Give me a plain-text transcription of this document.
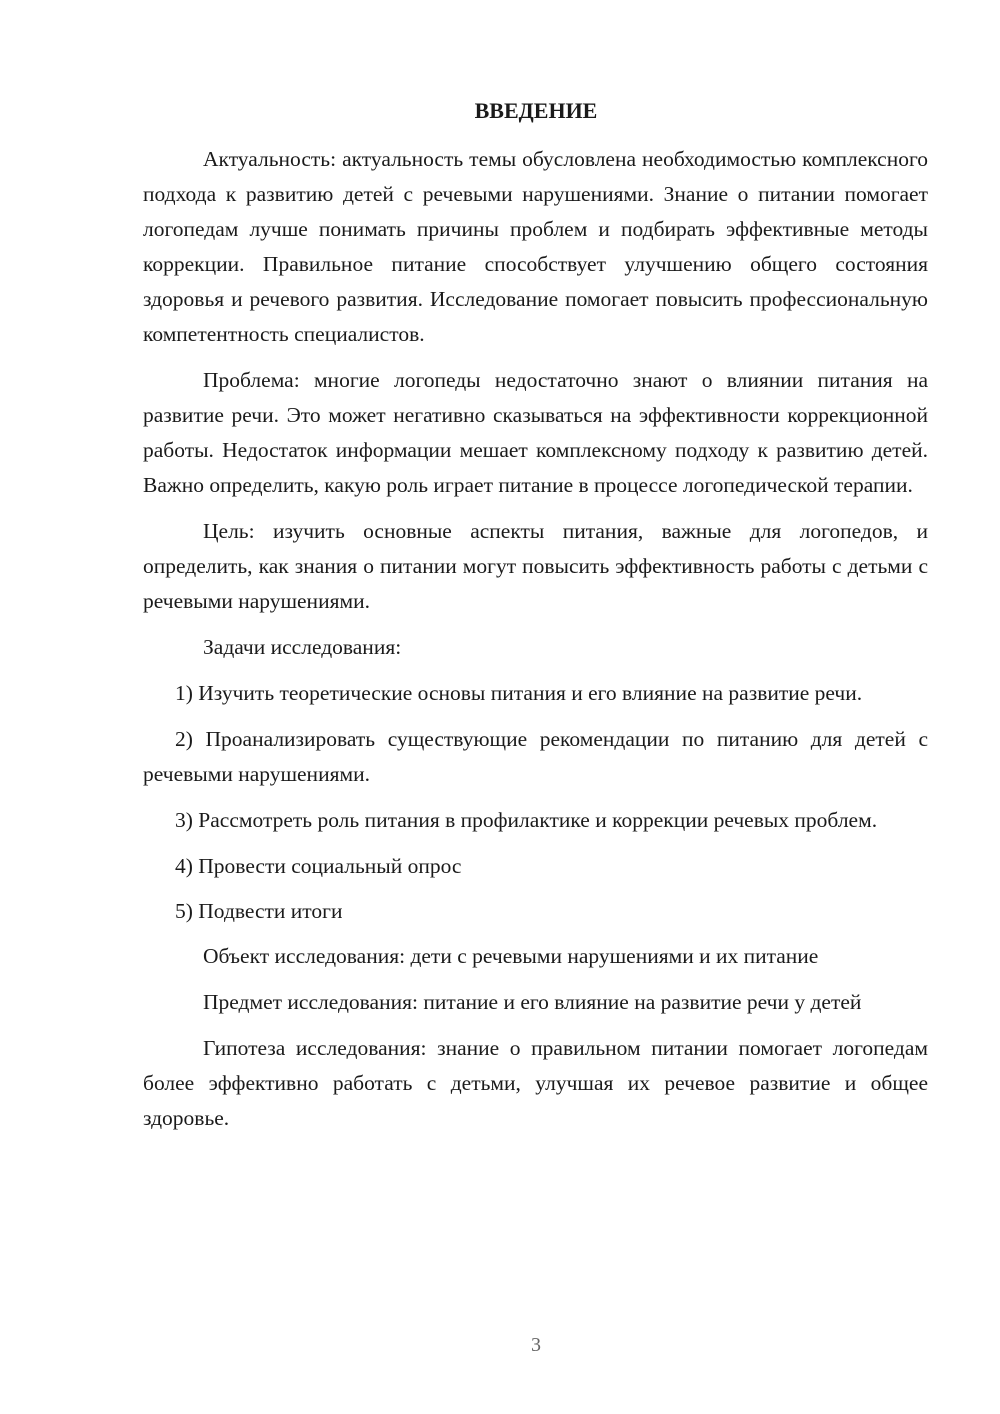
ВВЕДЕНИЕ

Актуальность: актуальность темы обусловлена необходимостью комплексного подхода к развитию детей с речевыми нарушениями. Знание о питании помогает логопедам лучше понимать причины проблем и подбирать эффективные методы коррекции. Правильное питание способствует улучшению общего состояния здоровья и речевого развития. Исследование помогает повысить профессиональную компетентность специалистов.

Проблема: многие логопеды недостаточно знают о влиянии питания на развитие речи. Это может негативно сказываться на эффективности коррекционной работы. Недостаток информации мешает комплексному подходу к развитию детей. Важно определить, какую роль играет питание в процессе логопедической терапии.

Цель: изучить основные аспекты питания, важные для логопедов, и определить, как знания о питании могут повысить эффективность работы с детьми с речевыми нарушениями.

Задачи исследования:

1) Изучить теоретические основы питания и его влияние на развитие речи.

2) Проанализировать существующие рекомендации по питанию для детей с речевыми нарушениями.

3) Рассмотреть роль питания в профилактике и коррекции речевых проблем.

4) Провести социальный опрос

5) Подвести итоги

Объект исследования: дети с речевыми нарушениями и их питание

Предмет исследования: питание и его влияние на развитие речи у детей

Гипотеза исследования: знание о правильном питании помогает логопедам более эффективно работать с детьми, улучшая их речевое развитие и общее здоровье.

3
